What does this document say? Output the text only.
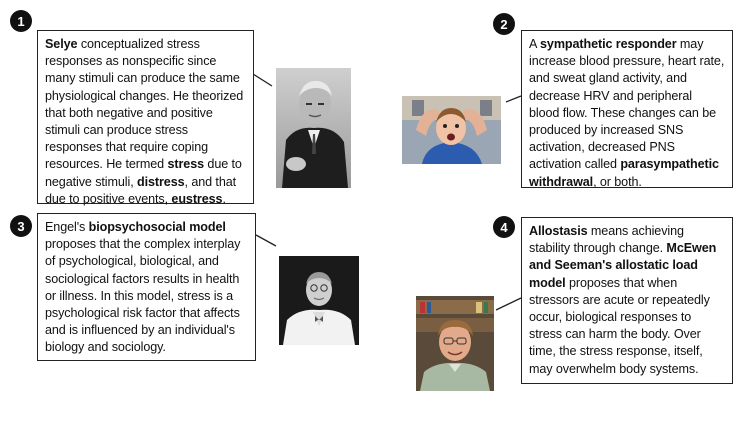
1	2
3	4
Selye conceptualized stress responses as nonspecific since many stimuli can produce the same physiological changes. He theorized that both negative and positive stimuli can produce stress responses that require coping resources. He termed stress due to negative stimuli, distress, and that due to positive events, eustress.
A sympathetic responder may increase blood pressure, heart rate, and sweat gland activity, and decrease HRV and peripheral blood flow. These changes can be produced by increased SNS activation, decreased PNS activation called parasympathetic withdrawal, or both.
Engel's biopsychosocial model proposes that the complex interplay of psychological, biological, and sociological factors results in health or illness. In this model, stress is a psychological risk factor that affects and is influenced by an individual's biology and sociology.
Allostasis means achieving stability through change. McEwen and Seeman's allostatic load model proposes that when stressors are acute or repeatedly occur, biological responses to stress can harm the body. Over time, the stress response, itself, may overwhelm body systems.
